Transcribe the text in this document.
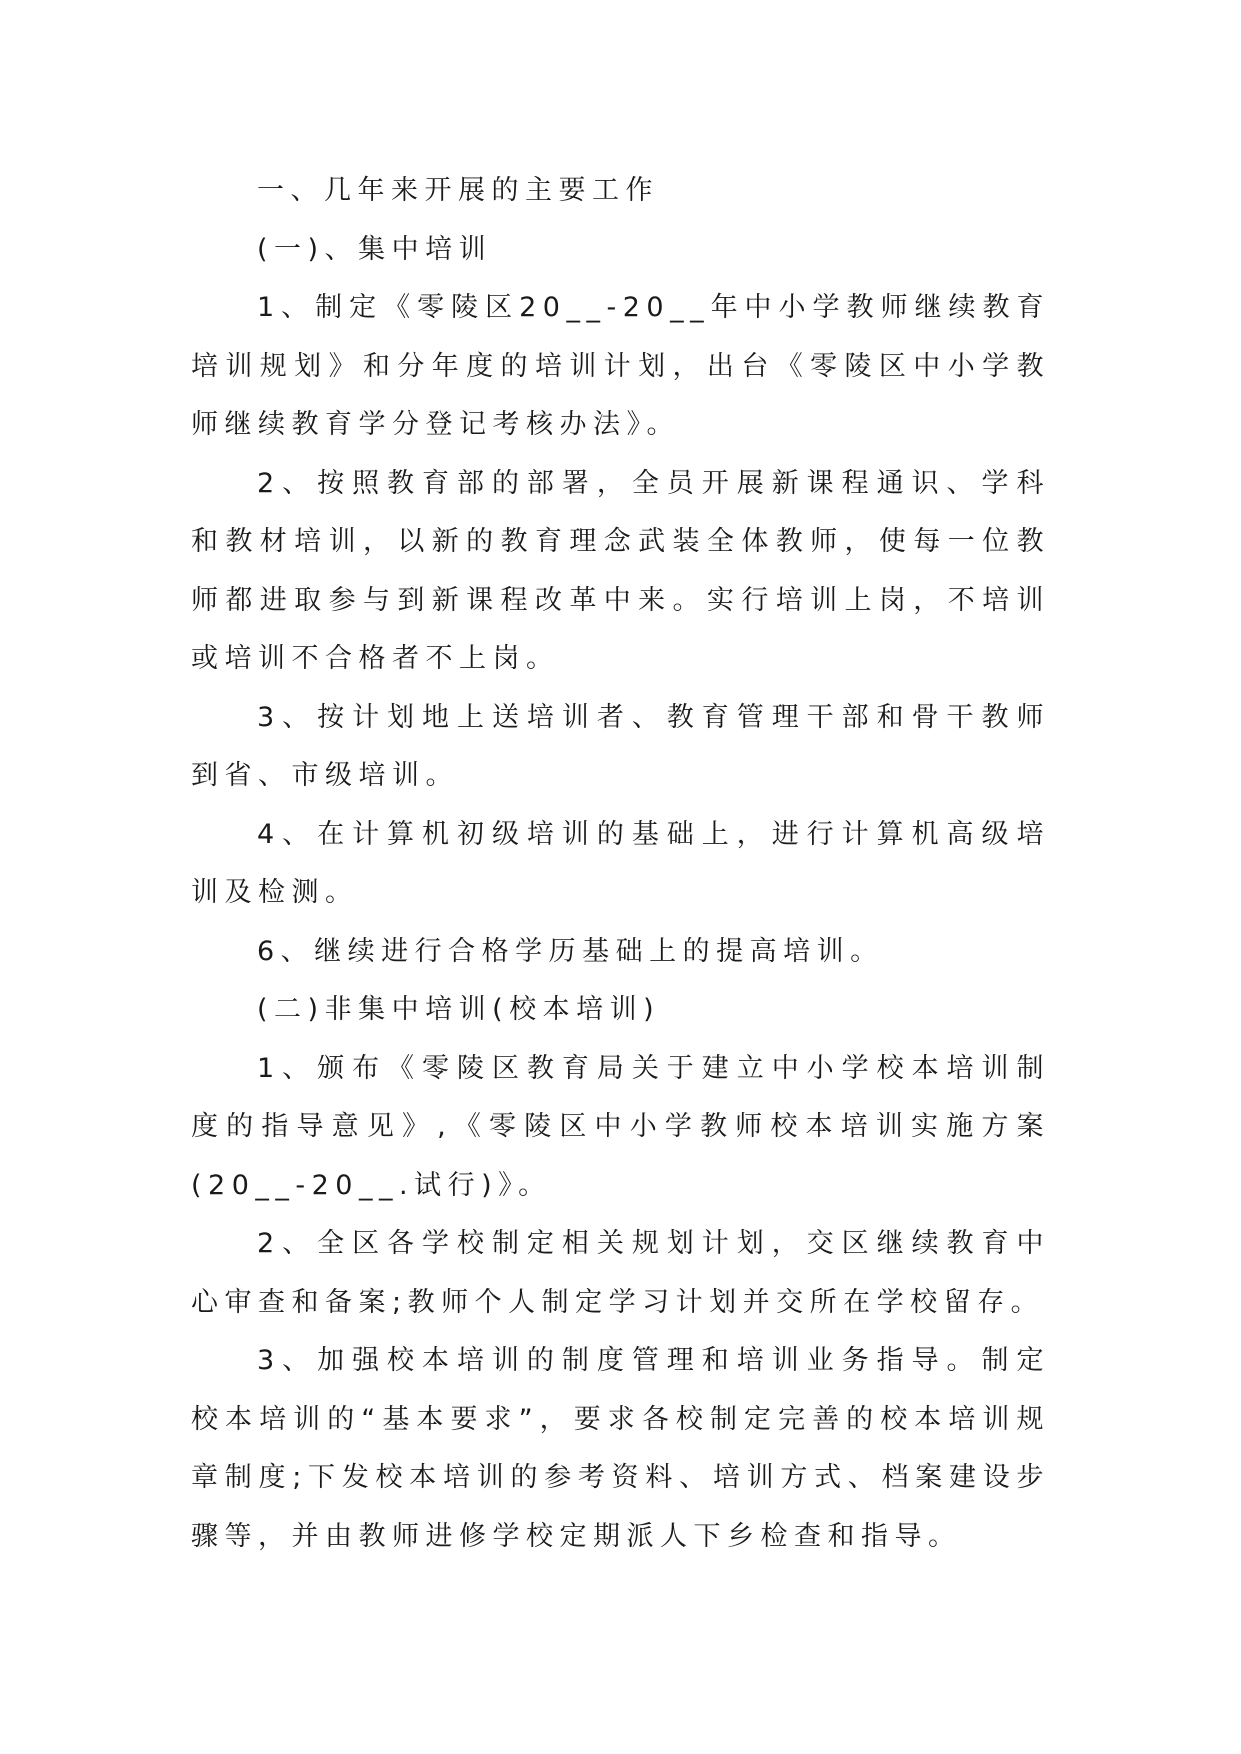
一、几年来开展的主要工作

(一)、集中培训

1、制定《零陵区20__-20__年中小学教师继续教育培训规划》和分年度的培训计划，出台《零陵区中小学教师继续教育学分登记考核办法》。

2、按照教育部的部署，全员开展新课程通识、学科和教材培训，以新的教育理念武装全体教师，使每一位教师都进取参与到新课程改革中来。实行培训上岗，不培训或培训不合格者不上岗。

3、按计划地上送培训者、教育管理干部和骨干教师到省、市级培训。

4、在计算机初级培训的基础上，进行计算机高级培训及检测。

6、继续进行合格学历基础上的提高培训。

(二)非集中培训(校本培训)

1、颁布《零陵区教育局关于建立中小学校本培训制度的指导意见》,《零陵区中小学教师校本培训实施方案(20__-20__.试行)》。

2、全区各学校制定相关规划计划，交区继续教育中心审查和备案;教师个人制定学习计划并交所在学校留存。

3、加强校本培训的制度管理和培训业务指导。制定校本培训的“基本要求”，要求各校制定完善的校本培训规章制度;下发校本培训的参考资料、培训方式、档案建设步骤等，并由教师进修学校定期派人下乡检查和指导。
